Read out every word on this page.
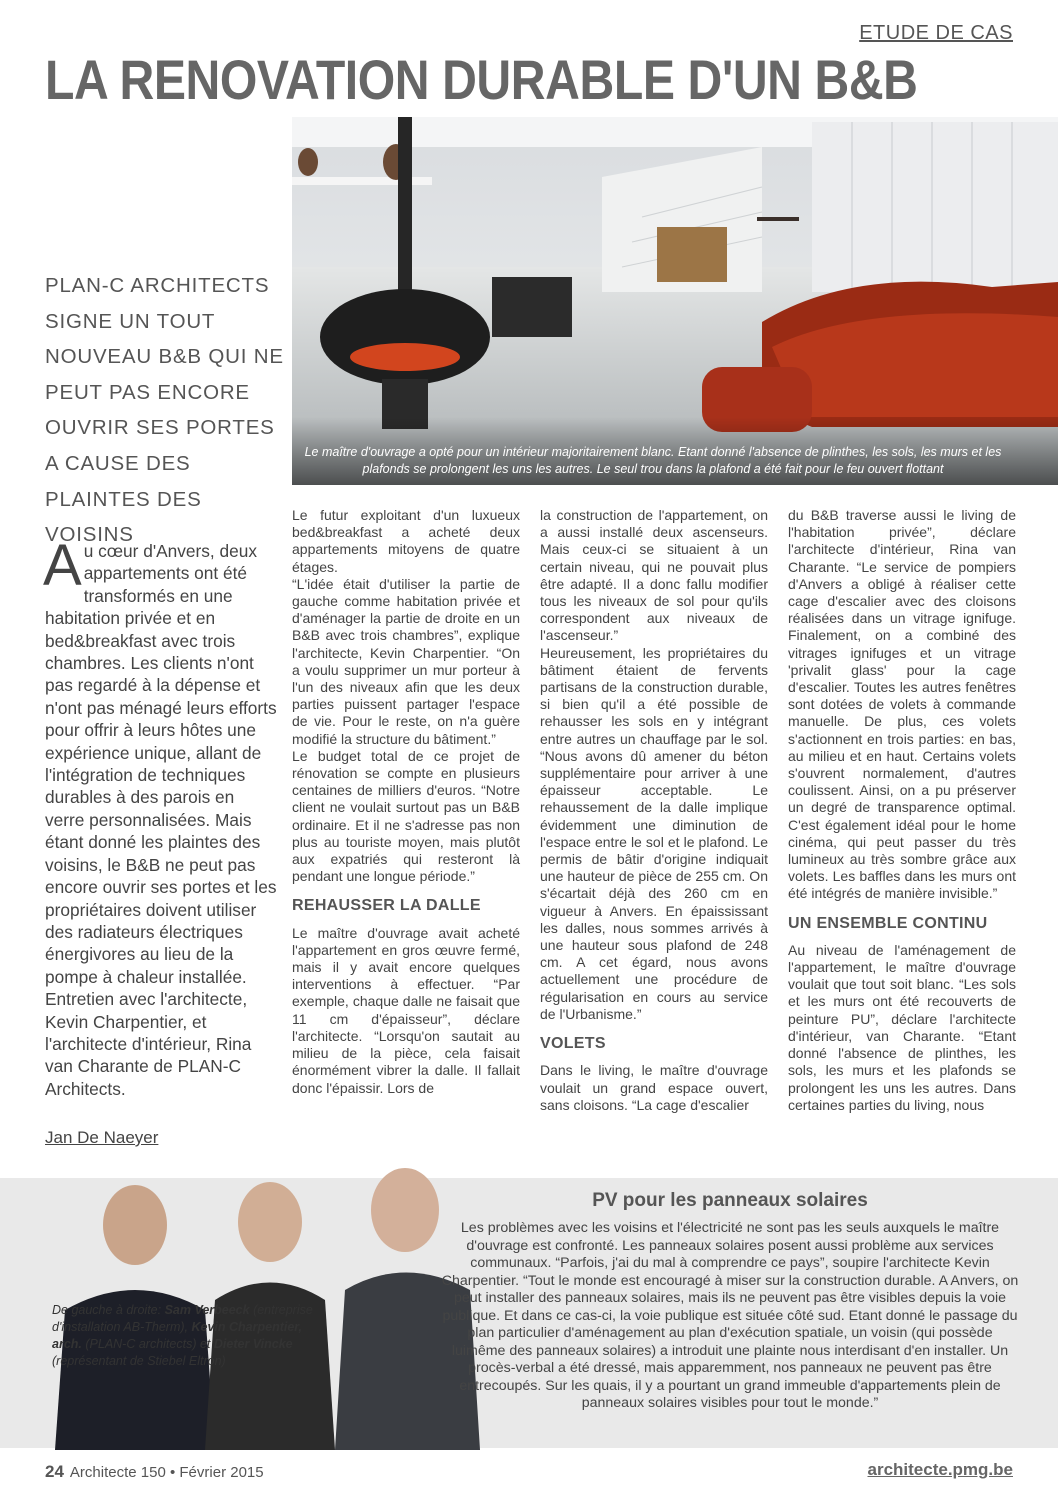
ETUDE DE CAS
LA RENOVATION DURABLE D'UN B&B
Le maître d'ouvrage a opté pour un intérieur majoritairement blanc. Etant donné l'absence de plinthes, les sols, les murs et les plafonds se prolongent les uns les autres. Le seul trou dans la plafond a été fait pour le feu ouvert flottant
PLAN-C ARCHITECTS SIGNE UN TOUT NOUVEAU B&B QUI NE PEUT PAS ENCORE OUVRIR SES PORTES A CAUSE DES PLAINTES DES VOISINS
A u cœur d'Anvers, deux appartements ont été transformés en une habitation privée et en bed&breakfast avec trois chambres. Les clients n'ont pas regardé à la dépense et n'ont pas ménagé leurs efforts pour offrir à leurs hôtes une expérience unique, allant de l'intégration de techniques durables à des parois en verre personnalisées. Mais étant donné les plaintes des voisins, le B&B ne peut pas encore ouvrir ses portes et les propriétaires doivent utiliser des radiateurs électriques énergivores au lieu de la pompe à chaleur installée. Entretien avec l'architecte, Kevin Charpentier, et l'architecte d'intérieur, Rina van Charante de PLAN-C Architects.
Jan De Naeyer

Le futur exploitant d'un luxueux bed&breakfast a acheté deux appartements mitoyens de quatre étages.

“L'idée était d'utiliser la partie de gauche comme habitation privée et d'aménager la partie de droite en un B&B avec trois chambres”, explique l'architecte, Kevin Charpentier. “On a voulu supprimer un mur porteur à l'un des niveaux afin que les deux parties puissent partager l'espace de vie. Pour le reste, on n'a guère modifié la structure du bâtiment.”

Le budget total de ce projet de rénovation se compte en plusieurs centaines de milliers d'euros. “Notre client ne voulait surtout pas un B&B ordinaire. Et il ne s'adresse pas non plus au touriste moyen, mais plutôt aux expatriés qui resteront là pendant une longue période.”

REHAUSSER LA DALLE

Le maître d'ouvrage avait acheté l'appartement en gros œuvre fermé, mais il y avait encore quelques interventions à effectuer. “Par exemple, chaque dalle ne faisait que 11 cm d'épaisseur”, déclare l'architecte. “Lorsqu'on sautait au milieu de la pièce, cela faisait énormément vibrer la dalle. Il fallait donc l'épaissir. Lors de

la construction de l'appartement, on a aussi installé deux ascenseurs. Mais ceux-ci se situaient à un certain niveau, qui ne pouvait plus être adapté. Il a donc fallu modifier tous les niveaux de sol pour qu'ils correspondent aux niveaux de l'ascenseur.”

Heureusement, les propriétaires du bâtiment étaient de fervents partisans de la construction durable, si bien qu'il a été possible de rehausser les sols en y intégrant entre autres un chauffage par le sol. “Nous avons dû amener du béton supplémentaire pour arriver à une épaisseur acceptable. Le rehaussement de la dalle implique évidemment une diminution de l'espace entre le sol et le plafond. Le permis de bâtir d'origine indiquait une hauteur de pièce de 255 cm. On s'écartait déjà des 260 cm en vigueur à Anvers. En épaississant les dalles, nous sommes arrivés à une hauteur sous plafond de 248 cm. A cet égard, nous avons actuellement une procédure de régularisation en cours au service de l'Urbanisme.”

VOLETS

Dans le living, le maître d'ouvrage voulait un grand espace ouvert, sans cloisons. “La cage d'escalier

du B&B traverse aussi le living de l'habitation privée”, déclare l'architecte d'intérieur, Rina van Charante. “Le service de pompiers d'Anvers a obligé à réaliser cette cage d'escalier avec des cloisons réalisées dans un vitrage ignifuge. Finalement, on a combiné des vitrages ignifuges et un vitrage 'privalit glass' pour la cage d'escalier. Toutes les autres fenêtres sont dotées de volets à commande manuelle. De plus, ces volets s'actionnent en trois parties: en bas, au milieu et en haut. Certains volets s'ouvrent normalement, d'autres coulissent. Ainsi, on a pu préserver un degré de transparence optimal. C'est également idéal pour le home cinéma, qui peut passer du très lumineux au très sombre grâce aux volets. Les baffles dans les murs ont été intégrés de manière invisible.”

UN ENSEMBLE CONTINU

Au niveau de l'aménagement de l'appartement, le maître d'ouvrage voulait que tout soit blanc. “Les sols et les murs ont été recouverts de peinture PU”, déclare l'architecte d'intérieur, van Charante. “Etant donné l'absence de plinthes, les sols, les murs et les plafonds se prolongent les uns les autres. Dans certaines parties du living, nous

De gauche à droite: Sam Verbeeck (entreprise d'installation AB-Therm), Kevin Charpentier, arch. (PLAN-C architects) et Dieter Vincke (représentant de Stiebel Eltron)
PV pour les panneaux solaires
Les problèmes avec les voisins et l'électricité ne sont pas les seuls auxquels le maître d'ouvrage est confronté. Les panneaux solaires posent aussi problème aux services communaux. “Parfois, j'ai du mal à comprendre ce pays”, soupire l'architecte Kevin Charpentier. “Tout le monde est encouragé à miser sur la construction durable. A Anvers, on peut installer des panneaux solaires, mais ils ne peuvent pas être visibles depuis la voie publique. Et dans ce cas-ci, la voie publique est située côté sud. Etant donné le passage du plan particulier d'aménagement au plan d'exécution spatiale, un voisin (qui possède luimême des panneaux solaires) a introduit une plainte nous interdisant d'en installer. Un procès-verbal a été dressé, mais apparemment, nos panneaux ne peuvent pas être entrecoupés. Sur les quais, il y a pourtant un grand immeuble d'appartements plein de panneaux solaires visibles pour tout le monde.”
24 Architecte 150 • Février 2015	architecte.pmg.be
